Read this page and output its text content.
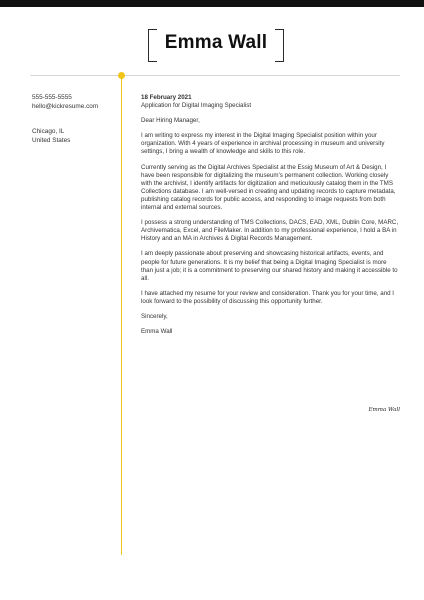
Emma Wall
555-555-5555
hello@kickresume.com
Chicago, IL
United States
18 February 2021
Application for Digital Imaging Specialist
Dear Hiring Manager,

I am writing to express my interest in the Digital Imaging Specialist position within your organization. With 4 years of experience in archival processing in museum and university settings, I bring a wealth of knowledge and skills to this role.

Currently serving as the Digital Archives Specialist at the Essig Museum of Art & Design, I have been responsible for digitalizing the museum's permanent collection. Working closely with the archivist, I identify artifacts for digitization and meticulously catalog them in the TMS Collections database. I am well-versed in creating and updating records to capture metadata, publishing catalog records for public access, and responding to image requests from both internal and external sources.

I possess a strong understanding of TMS Collections, DACS, EAD, XML, Dublin Core, MARC, Archivematica, Excel, and FileMaker. In addition to my professional experience, I hold a BA in History and an MA in Archives & Digital Records Management.

I am deeply passionate about preserving and showcasing historical artifacts, events, and people for future generations. It is my belief that being a Digital Imaging Specialist is more than just a job; it is a commitment to preserving our shared history and making it accessible to all.

I have attached my resume for your review and consideration. Thank you for your time, and I look forward to the possibility of discussing this opportunity further.

Sincerely,
Emma Wall
Emma Wall
